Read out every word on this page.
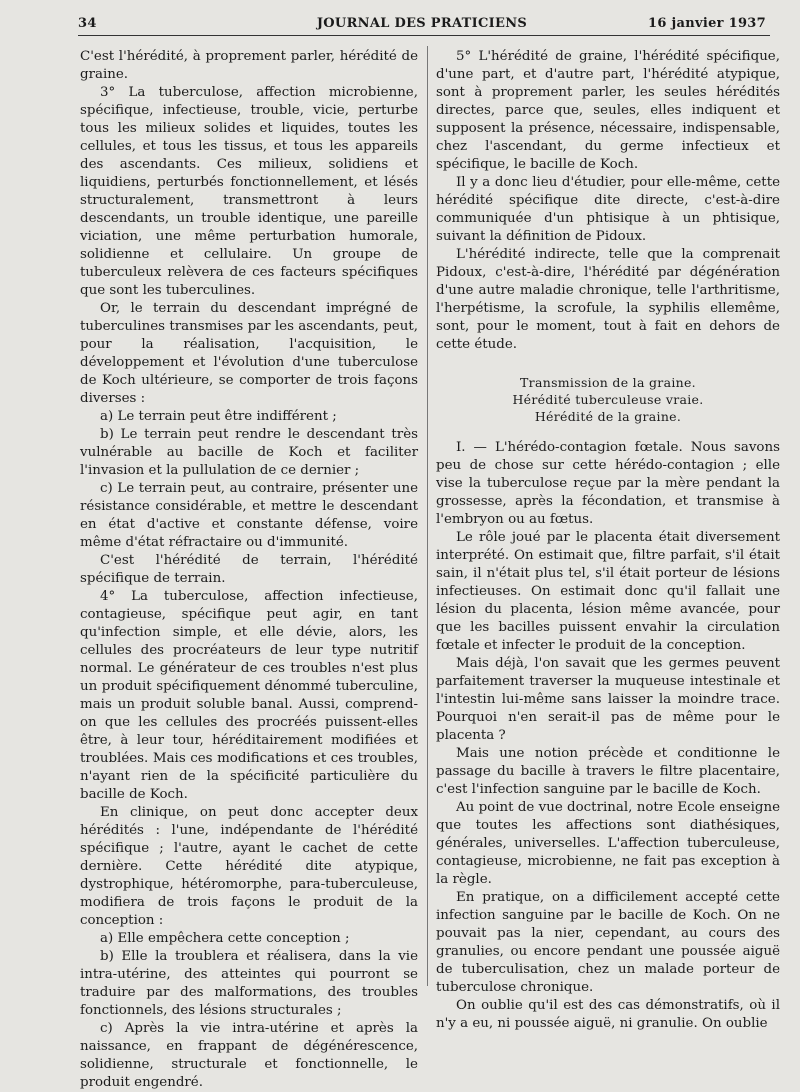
34	JOURNAL DES PRATICIENS	16 janvier 1937

C'est l'hérédité, à proprement parler, hérédité de graine.

3° La tuberculose, affection microbienne, spécifique, infectieuse, trouble, vicie, perturbe tous les milieux solides et liquides, toutes les cellules, et tous les tissus, et tous les appareils des ascendants. Ces milieux, solidiens et liquidiens, perturbés fonctionnellement, et lésés structuralement, transmettront à leurs descendants, un trouble identique, une pareille viciation, une même perturbation humorale, solidienne et cellulaire. Un groupe de tuberculeux relèvera de ces facteurs spécifiques que sont les tuberculines.

Or, le terrain du descendant imprégné de tuberculines transmises par les ascendants, peut, pour la réalisation, l'acquisition, le développement et l'évolution d'une tuberculose de Koch ultérieure, se comporter de trois façons diverses :

a) Le terrain peut être indifférent ;

b) Le terrain peut rendre le descendant très vulnérable au bacille de Koch et faciliter l'invasion et la pullulation de ce dernier ;

c) Le terrain peut, au contraire, présenter une résistance considérable, et mettre le descendant en état d'active et constante défense, voire même d'état réfractaire ou d'immunité.

C'est l'hérédité de terrain, l'hérédité spécifique de terrain.

4° La tuberculose, affection infectieuse, contagieuse, spécifique peut agir, en tant qu'infection simple, et elle dévie, alors, les cellules des procréateurs de leur type nutritif normal. Le générateur de ces troubles n'est plus un produit spécifiquement dénommé tuberculine, mais un produit soluble banal. Aussi, comprend-on que les cellules des procréés puissent-elles être, à leur tour, héréditairement modifiées et troublées. Mais ces modifications et ces troubles, n'ayant rien de la spécificité particulière du bacille de Koch.

En clinique, on peut donc accepter deux hérédités : l'une, indépendante de l'hérédité spécifique ; l'autre, ayant le cachet de cette dernière. Cette hérédité dite atypique, dystrophique, hétéromorphe, para-tuberculeuse, modifiera de trois façons le produit de la conception :

a) Elle empêchera cette conception ;

b) Elle la troublera et réalisera, dans la vie intra-utérine, des atteintes qui pourront se traduire par des malformations, des troubles fonctionnels, des lésions structurales ;

c) Après la vie intra-utérine et après la naissance, en frappant de dégénérescence, solidienne, structurale et fonctionnelle, le produit engendré.

5° L'hérédité de graine, l'hérédité spécifique, d'une part, et d'autre part, l'hérédité atypique, sont à proprement parler, les seules hérédités directes, parce que, seules, elles indiquent et supposent la présence, nécessaire, indispensable, chez l'ascendant, du germe infectieux et spécifique, le bacille de Koch.

Il y a donc lieu d'étudier, pour elle-même, cette hérédité spécifique dite directe, c'est-à-dire communiquée d'un phtisique à un phtisique, suivant la définition de Pidoux.

L'hérédité indirecte, telle que la comprenait Pidoux, c'est-à-dire, l'hérédité par dégénération d'une autre maladie chronique, telle l'arthritisme, l'herpétisme, la scrofule, la syphilis ellemême, sont, pour le moment, tout à fait en dehors de cette étude.

Transmission de la graine.

Hérédité tuberculeuse vraie.

Hérédité de la graine.

I. — L'hérédo-contagion fœtale. Nous savons peu de chose sur cette hérédo-contagion ; elle vise la tuberculose reçue par la mère pendant la grossesse, après la fécondation, et transmise à l'embryon ou au fœtus.

Le rôle joué par le placenta était diversement interprété. On estimait que, filtre parfait, s'il était sain, il n'était plus tel, s'il était porteur de lésions infectieuses. On estimait donc qu'il fallait une lésion du placenta, lésion même avancée, pour que les bacilles puissent envahir la circulation fœtale et infecter le produit de la conception.

Mais déjà, l'on savait que les germes peuvent parfaitement traverser la muqueuse intestinale et l'intestin lui-même sans laisser la moindre trace. Pourquoi n'en serait-il pas de même pour le placenta ?

Mais une notion précède et conditionne le passage du bacille à travers le filtre placentaire, c'est l'infection sanguine par le bacille de Koch.

Au point de vue doctrinal, notre Ecole enseigne que toutes les affections sont diathésiques, générales, universelles. L'affection tuberculeuse, contagieuse, microbienne, ne fait pas exception à la règle.

En pratique, on a difficilement accepté cette infection sanguine par le bacille de Koch. On ne pouvait pas la nier, cependant, au cours des granulies, ou encore pendant une poussée aiguë de tuberculisation, chez un malade porteur de tuberculose chronique.

On oublie qu'il est des cas démonstratifs, où il n'y a eu, ni poussée aiguë, ni granulie. On oublie
